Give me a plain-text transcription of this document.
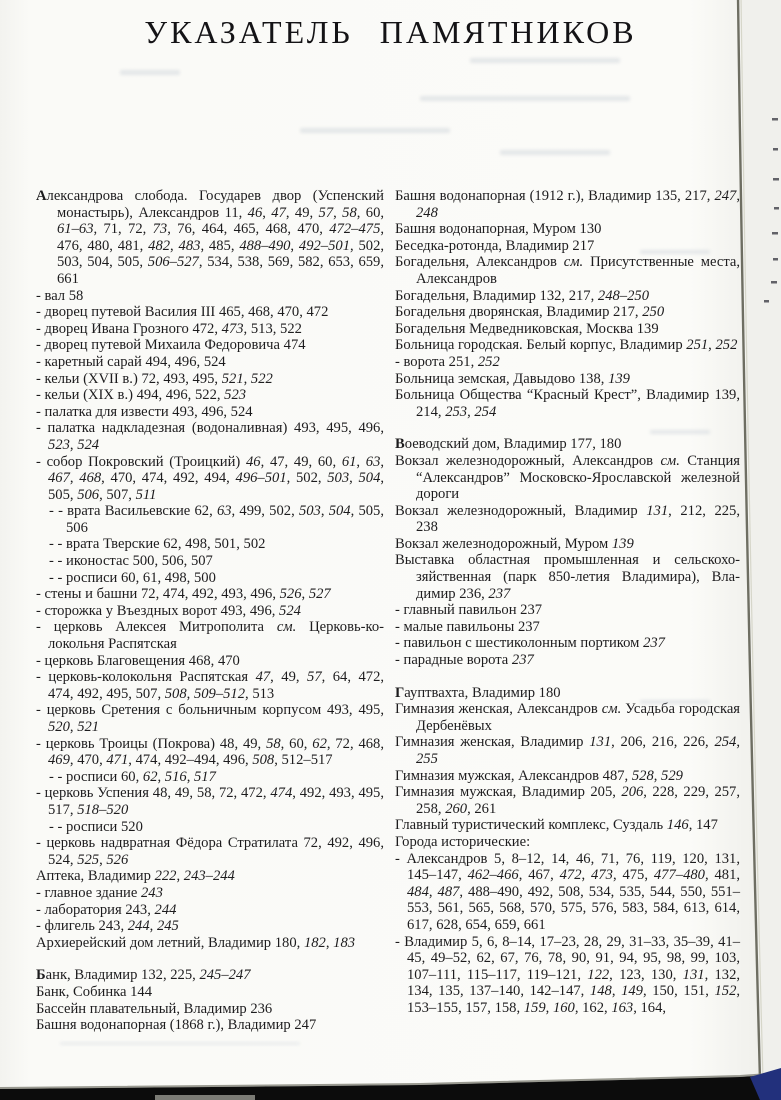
УКАЗАТЕЛЬ ПАМЯТНИКОВ

Александрова слобода. Государев двор (Успенский монастырь), Александров 11, 46, 47, 49, 57, 58, 60, 61–63, 71, 72, 73, 76, 464, 465, 468, 470, 472–475, 476, 480, 481, 482, 483, 485, 488–490, 492–501, 502, 503, 504, 505, 506–527, 534, 538, 569, 582, 653, 659, 661

- вал 58

- дворец путевой Василия III 465, 468, 470, 472

- дворец Ивана Грозного 472, 473, 513, 522

- дворец путевой Михаила Федоровича 474

- каретный сарай 494, 496, 524

- кельи (XVII в.) 72, 493, 495, 521, 522

- кельи (XIX в.) 494, 496, 522, 523

- палатка для извести 493, 496, 524

- палатка надкладезная (водоналивная) 493, 495, 496, 523, 524

- собор Покровский (Троицкий) 46, 47, 49, 60, 61, 63, 467, 468, 470, 474, 492, 494, 496–501, 502, 503, 504, 505, 506, 507, 511

- - врата Васильевские 62, 63, 499, 502, 503, 504, 505, 506

- - врата Тверские 62, 498, 501, 502

- - иконостас 500, 506, 507

- - росписи 60, 61, 498, 500

- стены и башни 72, 474, 492, 493, 496, 526, 527

- сторожка у Въездных ворот 493, 496, 524

- церковь Алексея Митрополита см. Церковь-колокольня Распятская

- церковь Благовещения 468, 470

- церковь-колокольня Распятская 47, 49, 57, 64, 472, 474, 492, 495, 507, 508, 509–512, 513

- церковь Сретения с больничным корпусом 493, 495, 520, 521

- церковь Троицы (Покрова) 48, 49, 58, 60, 62, 72, 468, 469, 470, 471, 474, 492–494, 496, 508, 512–517

- - росписи 60, 62, 516, 517

- церковь Успения 48, 49, 58, 72, 472, 474, 492, 493, 495, 517, 518–520

- - росписи 520

- церковь надвратная Фёдора Стратилата 72, 492, 496, 524, 525, 526

Аптека, Владимир 222, 243–244

- главное здание 243

- лаборатория 243, 244

- флигель 243, 244, 245

Архиерейский дом летний, Владимир 180, 182, 183

Банк, Владимир 132, 225, 245–247

Банк, Собинка 144

Бассейн плавательный, Владимир 236

Башня водонапорная (1868 г.), Владимир 247

Башня водонапорная (1912 г.), Владимир 135, 217, 247, 248

Башня водонапорная, Муром 130

Беседка-ротонда, Владимир 217

Богадельня, Александров см. Присутственные места, Александров

Богадельня, Владимир 132, 217, 248–250

Богадельня дворянская, Владимир 217, 250

Богадельня Медведниковская, Москва 139

Больница городская. Белый корпус, Владимир 251, 252

- ворота 251, 252

Больница земская, Давыдово 138, 139

Больница Общества “Красный Крест”, Владимир 139, 214, 253, 254

Воеводский дом, Владимир 177, 180

Вокзал железнодорожный, Александров см. Станция “Александров” Московско-Ярославской железной дороги

Вокзал железнодорожный, Владимир 131, 212, 225, 238

Вокзал железнодорожный, Муром 139

Выставка областная промышленная и сельскохозяйственная (парк 850-летия Владимира), Владимир 236, 237

- главный павильон 237

- малые павильоны 237

- павильон с шестиколонным портиком 237

- парадные ворота 237

Гауптвахта, Владимир 180

Гимназия женская, Александров см. Усадьба городская Дербенёвых

Гимназия женская, Владимир 131, 206, 216, 226, 254, 255

Гимназия мужская, Александров 487, 528, 529

Гимназия мужская, Владимир 205, 206, 228, 229, 257, 258, 260, 261

Главный туристический комплекс, Суздаль 146, 147

Города исторические:

- Александров 5, 8–12, 14, 46, 71, 76, 119, 120, 131, 145–147, 462–466, 467, 472, 473, 475, 477–480, 481, 484, 487, 488–490, 492, 508, 534, 535, 544, 550, 551–553, 561, 565, 568, 570, 575, 576, 583, 584, 613, 614, 617, 628, 654, 659, 661

- Владимир 5, 6, 8–14, 17–23, 28, 29, 31–33, 35–39, 41–45, 49–52, 62, 67, 76, 78, 90, 91, 94, 95, 98, 99, 103, 107–111, 115–117, 119–121, 122, 123, 130, 131, 132, 134, 135, 137–140, 142–147, 148, 149, 150, 151, 152, 153–155, 157, 158, 159, 160, 162, 163, 164,
